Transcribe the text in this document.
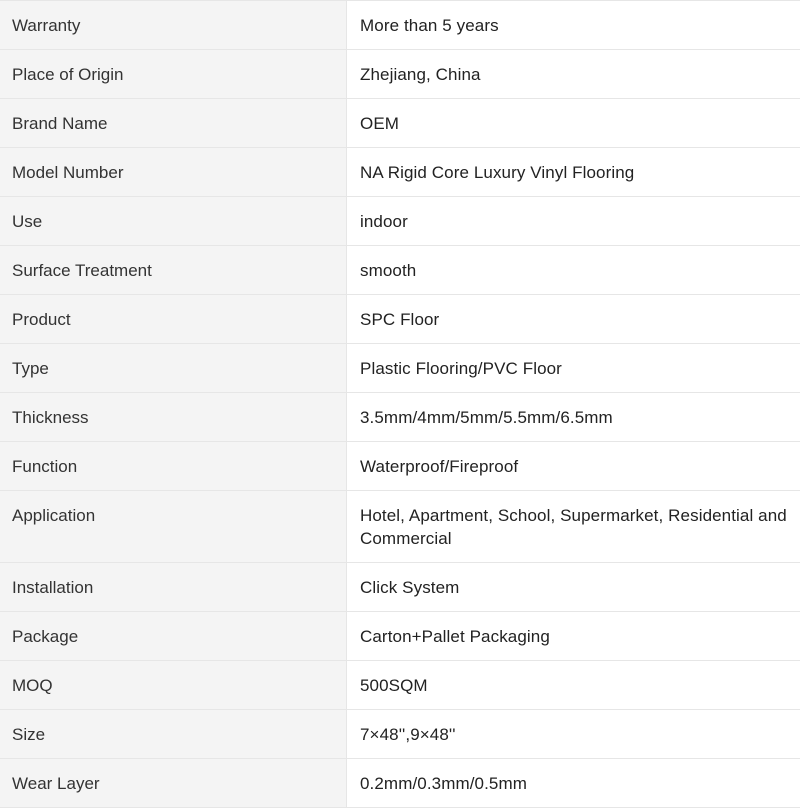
Warranty	More than 5 years
Place of Origin	Zhejiang, China
Brand Name	OEM
Model Number	NA Rigid Core Luxury Vinyl Flooring
Use	indoor
Surface Treatment	smooth
Product	SPC Floor
Type	Plastic Flooring/PVC Floor
Thickness	3.5mm/4mm/5mm/5.5mm/6.5mm
Function	Waterproof/Fireproof
Application	Hotel, Apartment, School, Supermarket, Residential and Commercial
Installation	Click System
Package	Carton+Pallet Packaging
MOQ	500SQM
Size	7×48'',9×48''
Wear Layer	0.2mm/0.3mm/0.5mm
